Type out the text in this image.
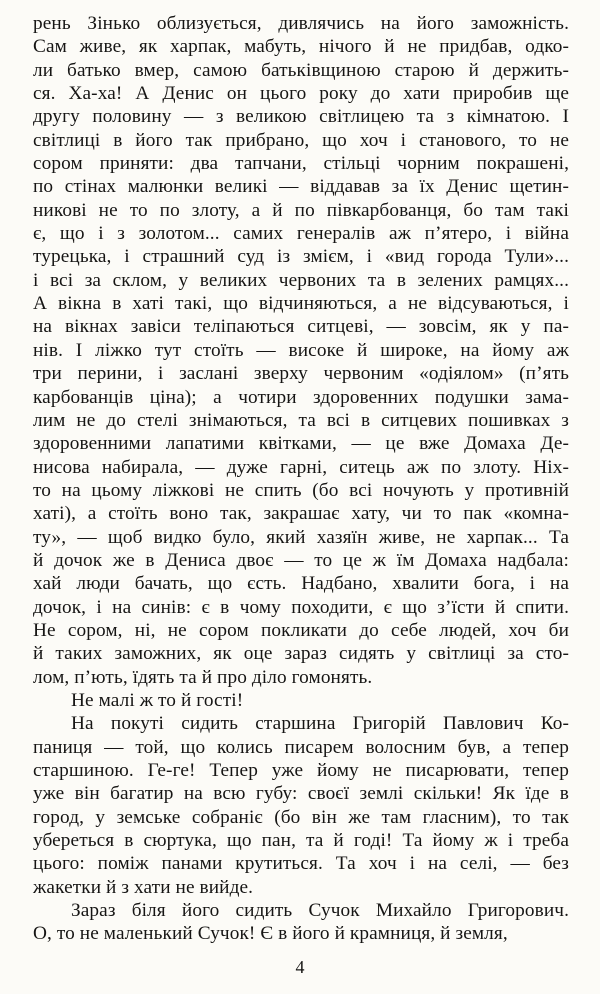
рень Зінько облизується, дивлячись на його заможність.
Сам живе, як харпак, мабуть, нічого й не придбав, одко-
ли батько вмер, самою батьківщиною старою й держить-
ся. Ха-ха! А Денис он цього року до хати приробив ще
другу половину — з великою світлицею та з кімнатою. І
світлиці в його так прибрано, що хоч і станового, то не
сором приняти: два тапчани, стільці чорним покрашені,
по стінах малюнки великі — віддавав за їх Денис щетин-
никові не то по злоту, а й по півкарбованця, бо там такі
є, що і з золотом... самих генералів аж п’ятеро, і війна
турецька, і страшний суд із змієм, і «вид города Тули»...
і всі за склом, у великих червоних та в зелених рамцях...
А вікна в хаті такі, що відчиняються, а не відсуваються, і
на вікнах завіси теліпаються ситцеві, — зовсім, як у па-
нів. І ліжко тут стоїть — високе й широке, на йому аж
три перини, і заслані зверху червоним «одіялом» (п’ять
карбованців ціна); а чотири здоровенних подушки зама-
лим не до стелі знімаються, та всі в ситцевих пошивках з
здоровенними лапатими квітками, — це вже Домаха Де-
нисова набирала, — дуже гарні, ситець аж по злоту. Ніх-
то на цьому ліжкові не спить (бо всі ночують у противній
хаті), а стоїть воно так, закрашає хату, чи то пак «комна-
ту», — щоб видко було, який хазяїн живе, не харпак... Та
й дочок же в Дениса двоє — то це ж їм Домаха надбала:
хай люди бачать, що єсть. Надбано, хвалити бога, і на
дочок, і на синів: є в чому походити, є що з’їсти й спити.
Не сором, ні, не сором покликати до себе людей, хоч би
й таких заможних, як оце зараз сидять у світлиці за сто-
лом, п’ють, їдять та й про діло гомонять.
Не малі ж то й гості!
На покуті сидить старшина Григорій Павлович Ко-
паниця — той, що колись писарем волосним був, а тепер
старшиною. Ге-ге! Тепер уже йому не писарювати, тепер
уже він багатир на всю губу: своєї землі скільки! Як їде в
город, у земське собраніє (бо він же там гласним), то так
убереться в сюртука, що пан, та й годі! Та йому ж і треба
цього: поміж панами крутиться. Та хоч і на селі, — без
жакетки й з хати не вийде.
Зараз біля його сидить Сучок Михайло Григорович.
О, то не маленький Сучок! Є в його й крамниця, й земля,
4
